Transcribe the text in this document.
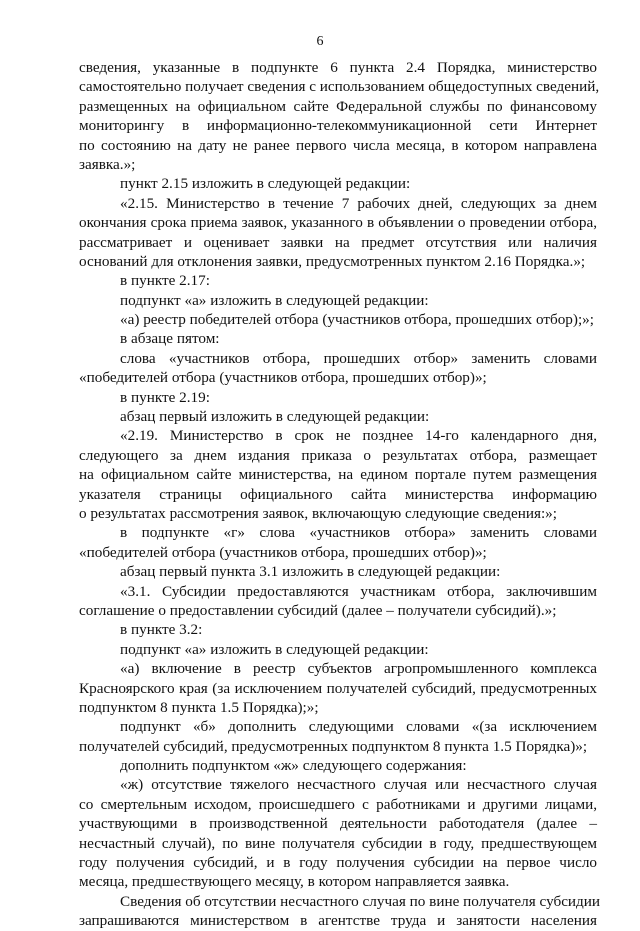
6
сведения, указанные в подпункте 6 пункта 2.4 Порядка, министерство
самостоятельно получает сведения с использованием общедоступных сведений,
размещенных на официальном сайте Федеральной службы по финансовому
мониторингу в информационно-телекоммуникационной сети Интернет
по состоянию на дату не ранее первого числа месяца, в котором направлена
заявка.»;
пункт 2.15 изложить в следующей редакции:
«2.15. Министерство в течение 7 рабочих дней, следующих за днем
окончания срока приема заявок, указанного в объявлении о проведении отбора,
рассматривает и оценивает заявки на предмет отсутствия или наличия
оснований для отклонения заявки, предусмотренных пунктом 2.16 Порядка.»;
в пункте 2.17:
подпункт «а» изложить в следующей редакции:
«а) реестр победителей отбора (участников отбора, прошедших отбор);»;
в абзаце пятом:
слова «участников отбора, прошедших отбор» заменить словами
«победителей отбора (участников отбора, прошедших отбор)»;
в пункте 2.19:
абзац первый изложить в следующей редакции:
«2.19. Министерство в срок не позднее 14-го календарного дня,
следующего за днем издания приказа о результатах отбора, размещает
на официальном сайте министерства, на едином портале путем размещения
указателя страницы официального сайта министерства информацию
о результатах рассмотрения заявок, включающую следующие сведения:»;
в подпункте «г» слова «участников отбора» заменить словами
«победителей отбора (участников отбора, прошедших отбор)»;
абзац первый пункта 3.1 изложить в следующей редакции:
«3.1. Субсидии предоставляются участникам отбора, заключившим
соглашение о предоставлении субсидий (далее – получатели субсидий).»;
в пункте 3.2:
подпункт «а» изложить в следующей редакции:
«а) включение в реестр субъектов агропромышленного комплекса
Красноярского края (за исключением получателей субсидий, предусмотренных
подпунктом 8 пункта 1.5 Порядка);»;
подпункт «б» дополнить следующими словами «(за исключением
получателей субсидий, предусмотренных подпунктом 8 пункта 1.5 Порядка)»;
дополнить подпунктом «ж» следующего содержания:
«ж) отсутствие тяжелого несчастного случая или несчастного случая
со смертельным исходом, происшедшего с работниками и другими лицами,
участвующими в производственной деятельности работодателя (далее –
несчастный случай), по вине получателя субсидии в году, предшествующем
году получения субсидий, и в году получения субсидии на первое число
месяца, предшествующего месяцу, в котором направляется заявка.
Сведения об отсутствии несчастного случая по вине получателя субсидии
запрашиваются министерством в агентстве труда и занятости населения
